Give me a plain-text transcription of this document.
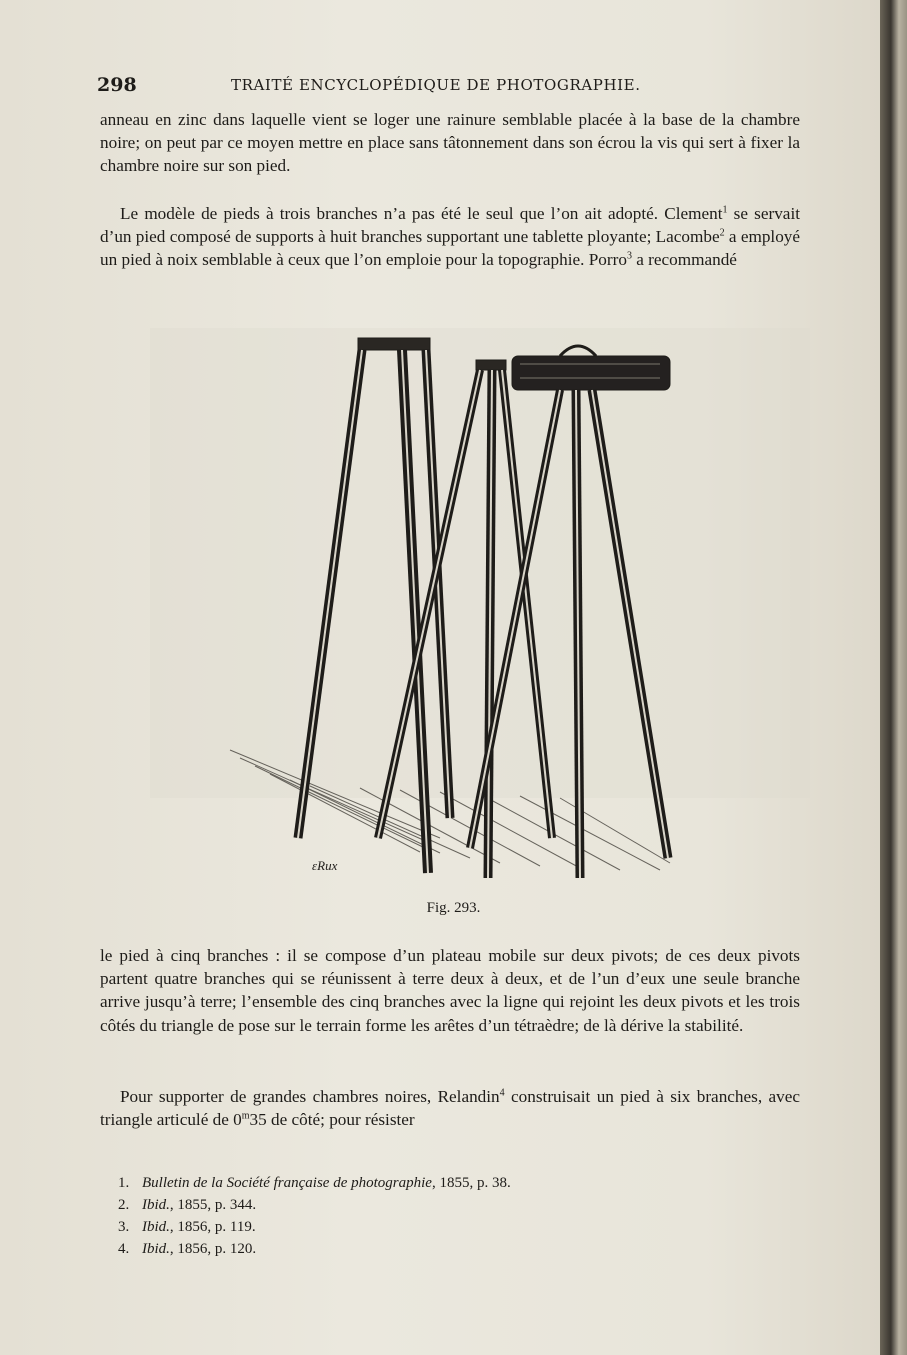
298	TRAITÉ ENCYCLOPÉDIQUE DE PHOTOGRAPHIE.
anneau en zinc dans laquelle vient se loger une rainure semblable placée à la base de la chambre noire; on peut par ce moyen mettre en place sans tâtonnement dans son écrou la vis qui sert à fixer la chambre noire sur son pied.
Le modèle de pieds à trois branches n’a pas été le seul que l’on ait adopté. Clement$^1$ se servait d’un pied composé de supports à huit branches supportant une tablette ployante; Lacombe$^2$ a employé un pied à noix semblable à ceux que l’on emploie pour la topographie. Porro$^3$ a recommandé
ɛRux
Fig. 293.
le pied à cinq branches : il se compose d’un plateau mobile sur deux pivots; de ces deux pivots partent quatre branches qui se réunissent à terre deux à deux, et de l’un d’eux une seule branche arrive jusqu’à terre; l’ensemble des cinq branches avec la ligne qui rejoint les deux pivots et les trois côtés du triangle de pose sur le terrain forme les arêtes d’un tétraèdre; de là dérive la stabilité.
Pour supporter de grandes chambres noires, Relandin$^4$ construisait un pied à six branches, avec triangle articulé de 0$^m$35 de côté; pour résister
1. Bulletin de la Société française de photographie, 1855, p. 38.
2. Ibid., 1855, p. 344.
3. Ibid., 1856, p. 119.
4. Ibid., 1856, p. 120.
